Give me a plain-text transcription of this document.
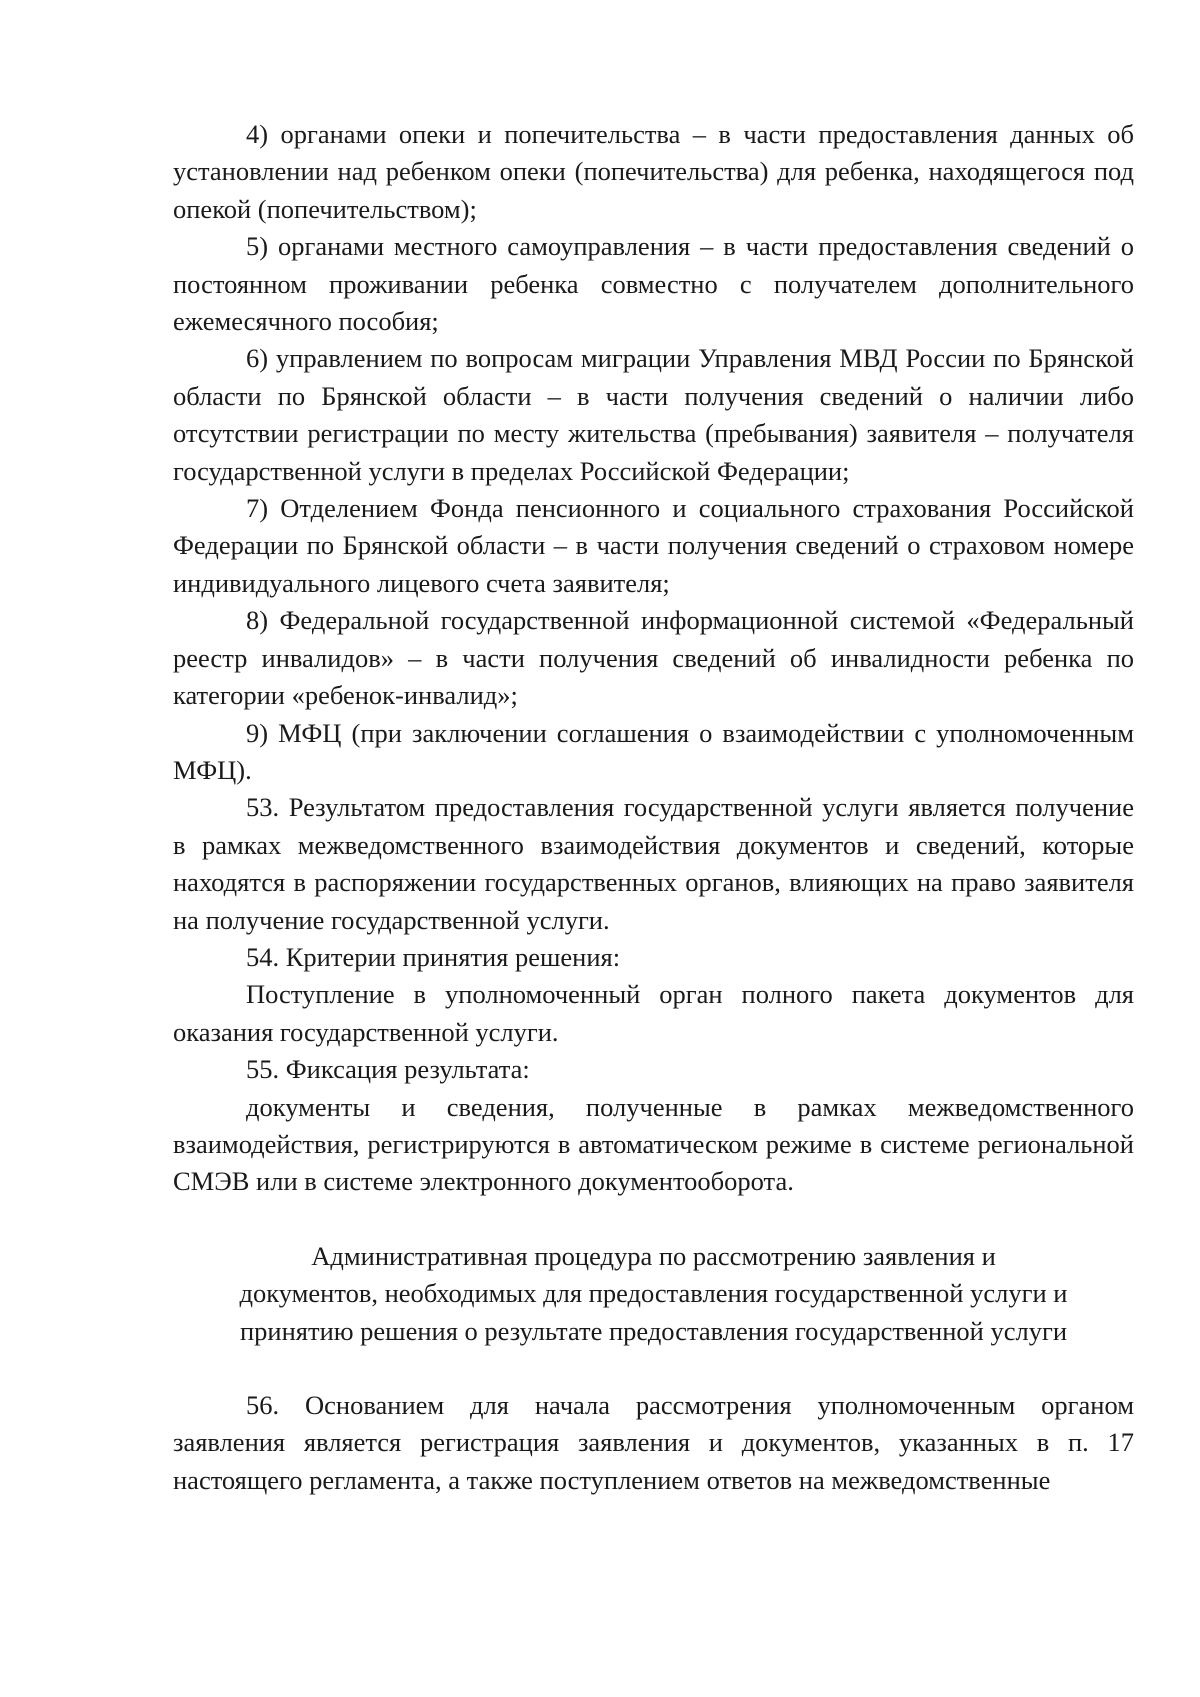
4) органами опеки и попечительства – в части предоставления данных об установлении над ребенком опеки (попечительства) для ребенка, находящегося под опекой (попечительством);

5) органами местного самоуправления – в части предоставления сведений о постоянном проживании ребенка совместно с получателем дополнительного ежемесячного пособия;

6) управлением по вопросам миграции Управления МВД России по Брянской области по Брянской области – в части получения сведений о наличии либо отсутствии регистрации по месту жительства (пребывания) заявителя – получателя государственной услуги в пределах Российской Федерации;

7) Отделением Фонда пенсионного и социального страхования Российской Федерации по Брянской области – в части получения сведений о страховом номере индивидуального лицевого счета заявителя;

8) Федеральной государственной информационной системой «Федеральный реестр инвалидов» – в части получения сведений об инвалидности ребенка по категории «ребенок-инвалид»;

9) МФЦ (при заключении соглашения о взаимодействии с уполномоченным МФЦ).

53. Результатом предоставления государственной услуги является получение в рамках межведомственного взаимодействия документов и сведений, которые находятся в распоряжении государственных органов, влияющих на право заявителя на получение государственной услуги.

54. Критерии принятия решения:

Поступление в уполномоченный орган полного пакета документов для оказания государственной услуги.

55. Фиксация результата:

документы и сведения, полученные в рамках межведомственного взаимодействия, регистрируются в автоматическом режиме в системе региональной СМЭВ или в системе электронного документооборота.

Административная процедура по рассмотрению заявления и
документов, необходимых для предоставления государственной услуги и
принятию решения о результате предоставления государственной услуги

56. Основанием для начала рассмотрения уполномоченным органом заявления является регистрация заявления и документов, указанных в п. 17 настоящего регламента, а также поступлением ответов на межведомственные
